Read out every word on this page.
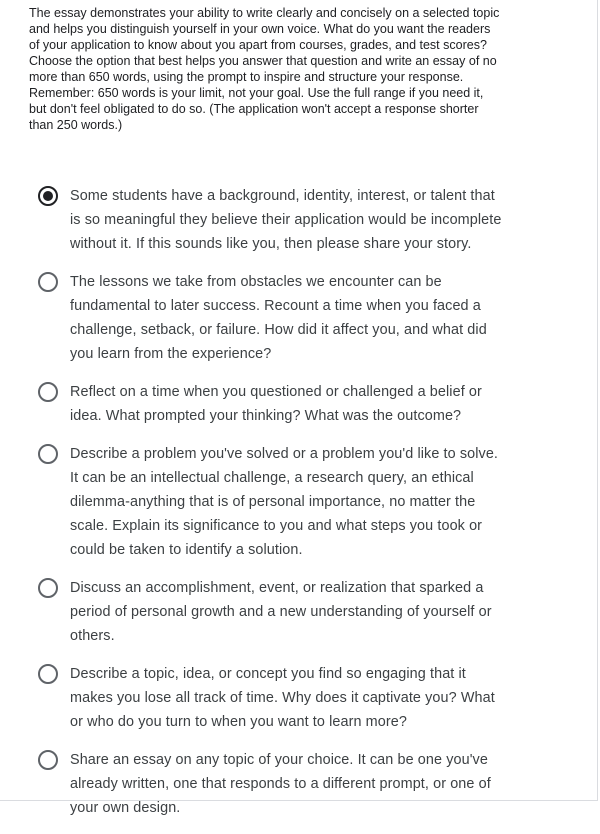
The essay demonstrates your ability to write clearly and concisely on a selected topic and helps you distinguish yourself in your own voice. What do you want the readers of your application to know about you apart from courses, grades, and test scores? Choose the option that best helps you answer that question and write an essay of no more than 650 words, using the prompt to inspire and structure your response. Remember: 650 words is your limit, not your goal. Use the full range if you need it, but don't feel obligated to do so. (The application won't accept a response shorter than 250 words.)

Some students have a background, identity, interest, or talent that is so meaningful they believe their application would be incomplete without it. If this sounds like you, then please share your story.
The lessons we take from obstacles we encounter can be fundamental to later success. Recount a time when you faced a challenge, setback, or failure. How did it affect you, and what did you learn from the experience?
Reflect on a time when you questioned or challenged a belief or idea. What prompted your thinking? What was the outcome?
Describe a problem you've solved or a problem you'd like to solve. It can be an intellectual challenge, a research query, an ethical dilemma-anything that is of personal importance, no matter the scale. Explain its significance to you and what steps you took or could be taken to identify a solution.
Discuss an accomplishment, event, or realization that sparked a period of personal growth and a new understanding of yourself or others.
Describe a topic, idea, or concept you find so engaging that it makes you lose all track of time. Why does it captivate you? What or who do you turn to when you want to learn more?
Share an essay on any topic of your choice. It can be one you've already written, one that responds to a different prompt, or one of your own design.
